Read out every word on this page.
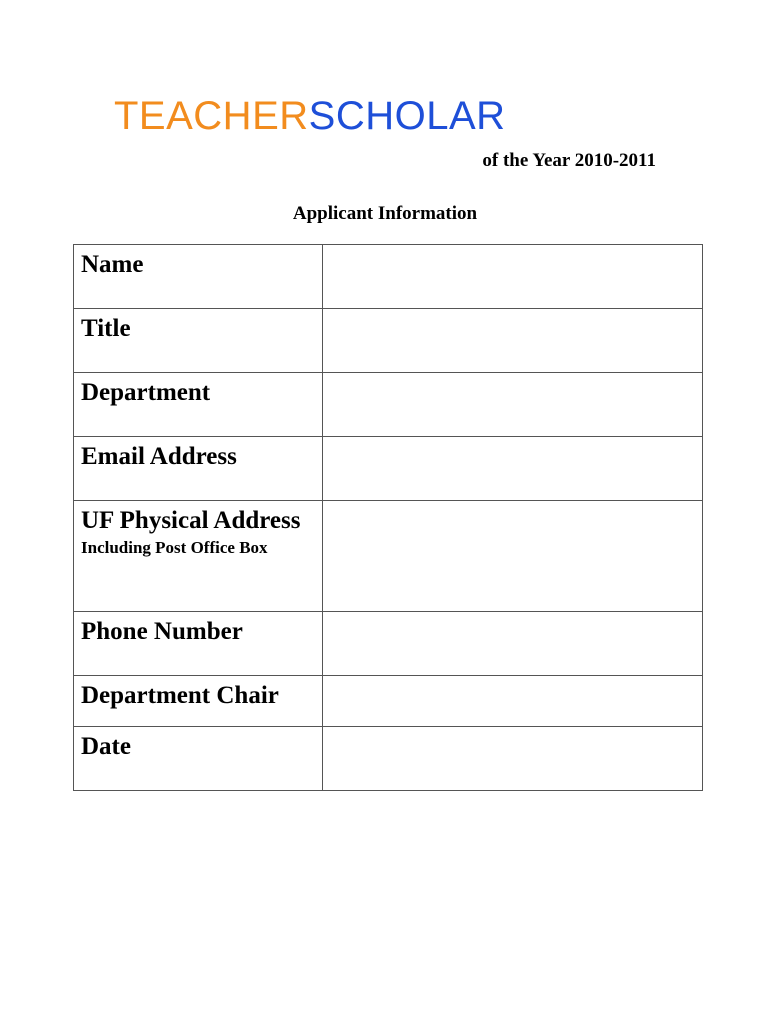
TEACHERSCHOLAR

of the Year 2010-2011

Applicant Information
Name	

Title	

Department	

Email Address	

UF Physical Address
Including Post Office Box	

Phone Number	

Department Chair	

Date	
